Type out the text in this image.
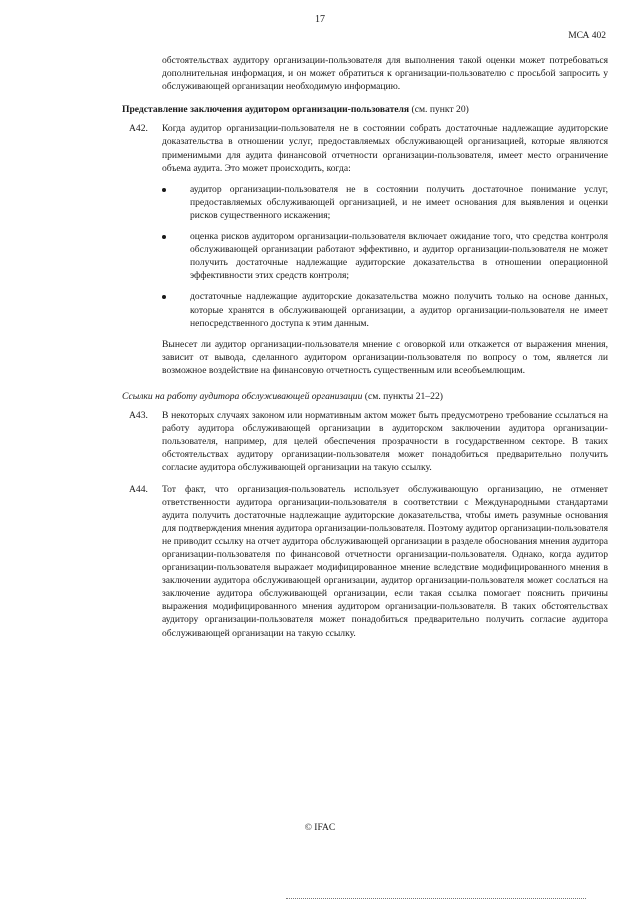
17
МСА 402

обстоятельствах аудитору организации-пользователя для выполнения такой оценки может потребоваться дополнительная информация, и он может обратиться к организации-пользователю с просьбой запросить у обслуживающей организации необходимую информацию.

Представление заключения аудитором организации-пользователя (см. пункт 20)
A42. Когда аудитор организации-пользователя не в состоянии собрать достаточные надлежащие аудиторские доказательства в отношении услуг, предоставляемых обслуживающей организацией, которые являются применимыми для аудита финансовой отчетности организации-пользователя, имеет место ограничение объема аудита. Это может происходить, когда:

аудитор организации-пользователя не в состоянии получить достаточное понимание услуг, предоставляемых обслуживающей организацией, и не имеет основания для выявления и оценки рисков существенного искажения;
оценка рисков аудитором организации-пользователя включает ожидание того, что средства контроля обслуживающей организации работают эффективно, и аудитор организации-пользователя не может получить достаточные надлежащие аудиторские доказательства в отношении операционной эффективности этих средств контроля;
достаточные надлежащие аудиторские доказательства можно получить только на основе данных, которые хранятся в обслуживающей организации, а аудитор организации-пользователя не имеет непосредственного доступа к этим данным.

Вынесет ли аудитор организации-пользователя мнение с оговоркой или откажется от выражения мнения, зависит от вывода, сделанного аудитором организации-пользователя по вопросу о том, является ли возможное воздействие на финансовую отчетность существенным или всеобъемлющим.

Ссылки на работу аудитора обслуживающей организации (см. пункты 21–22)
A43. В некоторых случаях законом или нормативным актом может быть предусмотрено требование ссылаться на работу аудитора обслуживающей организации в аудиторском заключении аудитора организации-пользователя, например, для целей обеспечения прозрачности в государственном секторе. В таких обстоятельствах аудитору организации-пользователя может понадобиться предварительно получить согласие аудитора обслуживающей организации на такую ссылку.

A44. Тот факт, что организация-пользователь использует обслуживающую организацию, не отменяет ответственности аудитора организации-пользователя в соответствии с Международными стандартами аудита получить достаточные надлежащие аудиторские доказательства, чтобы иметь разумные основания для подтверждения мнения аудитора организации-пользователя. Поэтому аудитор организации-пользователя не приводит ссылку на отчет аудитора обслуживающей организации в разделе обоснования мнения аудитора организации-пользователя по финансовой отчетности организации-пользователя. Однако, когда аудитор организации-пользователя выражает модифицированное мнение вследствие модифицированного мнения в заключении аудитора обслуживающей организации, аудитор организации-пользователя может сослаться на заключение аудитора обслуживающей организации, если такая ссылка помогает пояснить причины выражения модифицированного мнения аудитором организации-пользователя. В таких обстоятельствах аудитору организации-пользователя может понадобиться предварительно получить согласие аудитора обслуживающей организации на такую ссылку.

© IFAC
